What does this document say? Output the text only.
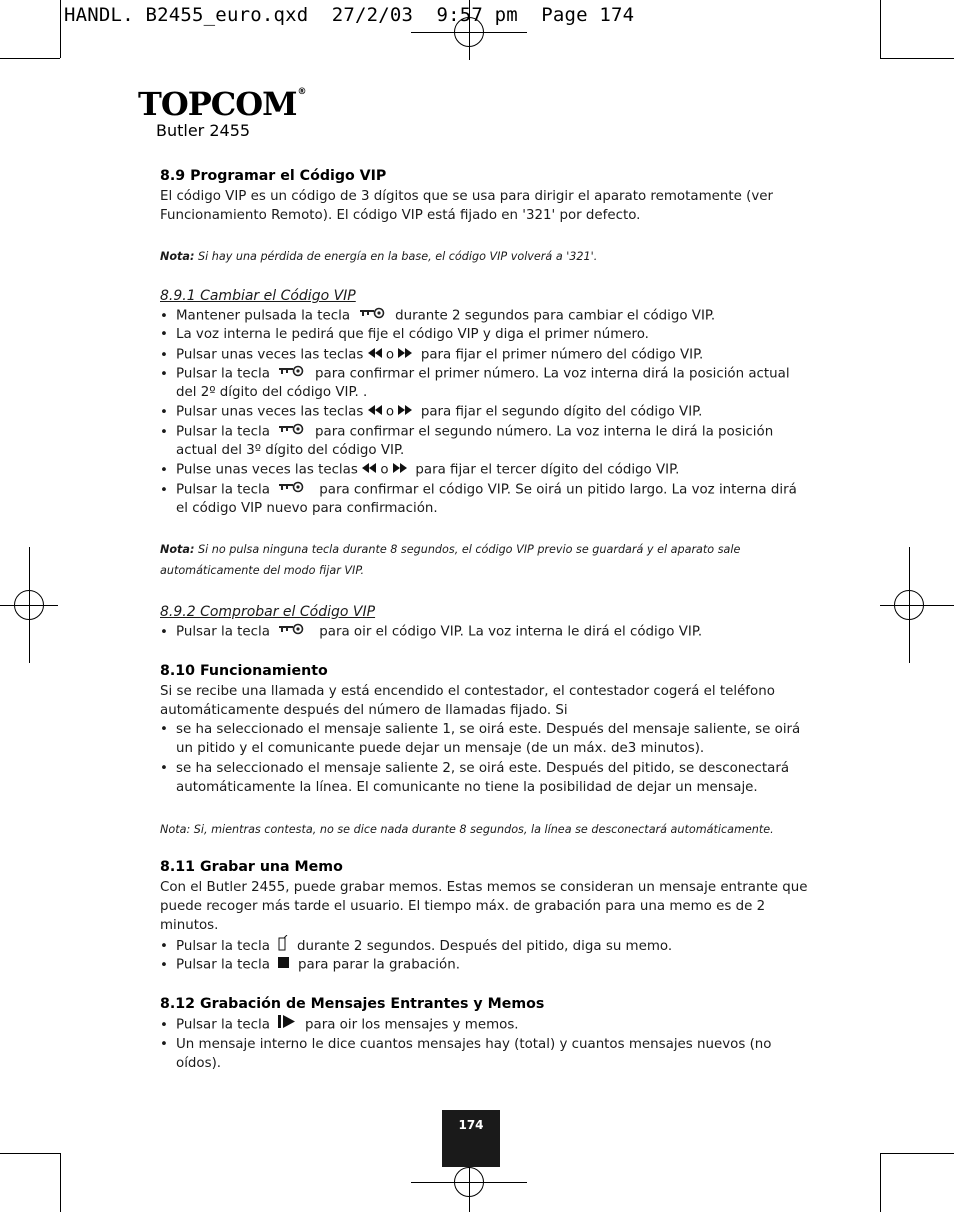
HANDL. B2455_euro.qxd  27/2/03  9:57 pm  Page 174
TOPCOM®
Butler 2455
8.9 Programar el Código VIP
El código VIP es un código de 3 dígitos que se usa para dirigir el aparato remotamente (ver
Funcionamiento Remoto). El código VIP está fijado en '321' por defecto.
Nota: Si hay una pérdida de energía en la base, el código VIP volverá a '321'.
8.9.1 Cambiar el Código VIP
• Mantener pulsada la tecla	durante 2 segundos para cambiar el código VIP.
• La voz interna le pedirá que fije el código VIP y diga el primer número.
• Pulsar unas veces las teclas o para fijar el primer número del código VIP.
• Pulsar la tecla	para confirmar el primer número. La voz interna dirá la posición actual
del 2º dígito del código VIP. .
• Pulsar unas veces las teclas o para fijar el segundo dígito del código VIP.
• Pulsar la tecla	para confirmar el segundo número. La voz interna le dirá la posición
actual del 3º dígito del código VIP.
• Pulse unas veces las teclas o para fijar el tercer dígito del código VIP.
• Pulsar la tecla	para confirmar el código VIP. Se oirá un pitido largo. La voz interna dirá
el código VIP nuevo para confirmación.
Nota: Si no pulsa ninguna tecla durante 8 segundos, el código VIP previo se guardará y el aparato sale
automáticamente del modo fijar VIP.
8.9.2 Comprobar el Código VIP
• Pulsar la tecla	para oir el código VIP. La voz interna le dirá el código VIP.
8.10 Funcionamiento
Si se recibe una llamada y está encendido el contestador, el contestador cogerá el teléfono
automáticamente después del número de llamadas fijado. Si
• se ha seleccionado el mensaje saliente 1, se oirá este. Después del mensaje saliente, se oirá
un pitido y el comunicante puede dejar un mensaje (de un máx. de3 minutos).
• se ha seleccionado el mensaje saliente 2, se oirá este. Después del pitido, se desconectará
automáticamente la línea. El comunicante no tiene la posibilidad de dejar un mensaje.
Nota: Si, mientras contesta, no se dice nada durante 8 segundos, la línea se desconectará automáticamente.
8.11 Grabar una Memo
Con el Butler 2455, puede grabar memos. Estas memos se consideran un mensaje entrante que
puede recoger más tarde el usuario. El tiempo máx. de grabación para una memo es de 2
minutos.
• Pulsar la tecla durante 2 segundos. Después del pitido, diga su memo.
• Pulsar la tecla para parar la grabación.
8.12 Grabación de Mensajes Entrantes y Memos
• Pulsar la tecla	para oir los mensajes y memos.
• Un mensaje interno le dice cuantos mensajes hay (total) y cuantos mensajes nuevos (no
oídos).
174
